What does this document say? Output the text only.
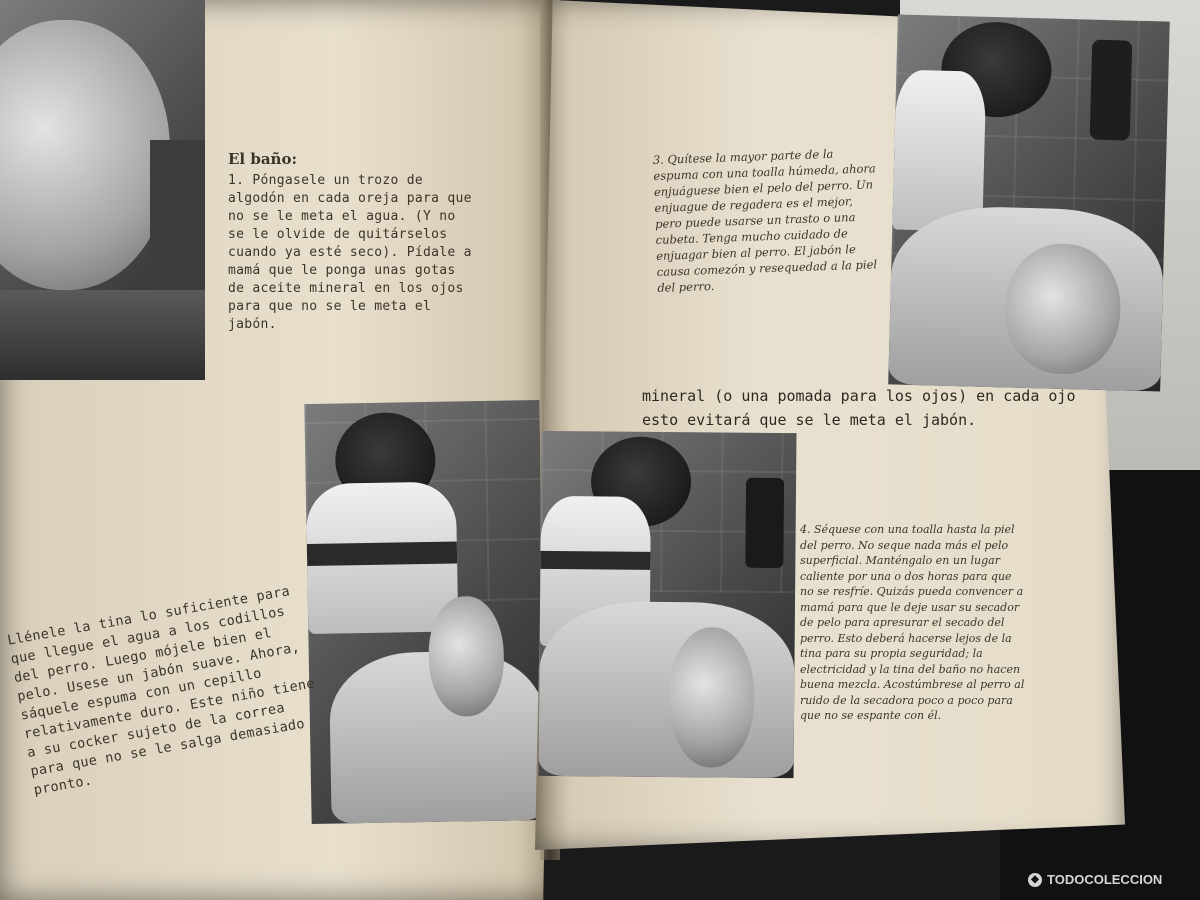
El baño:
1. Póngasele un trozo de algodón en cada oreja para que no se le meta el agua. (Y no se le olvide de quitárselos cuando ya esté seco). Pídale a mamá que le ponga unas gotas de aceite mineral en los ojos para que no se le meta el jabón.
Llénele la tina lo suficiente para que llegue el agua a los codillos del perro. Luego mójele bien el pelo. Usese un jabón suave. Ahora, sáquele espuma con un cepillo relativamente duro. Este niño tiene a su cocker sujeto de la correa para que no se le salga demasiado pronto.
3. Quítese la mayor parte de la espuma con una toalla húmeda, ahora enjuáguese bien el pelo del perro. Un enjuague de regadera es el mejor, pero puede usarse un trasto o una cubeta. Tenga mucho cuidado de enjuagar bien al perro. El jabón le causa comezón y resequedad a la piel del perro.
mineral (o una pomada para los ojos) en cada ojo
esto evitará que se le meta el jabón.
4. Séquese con una toalla hasta la piel del perro. No seque nada más el pelo superficial. Manténgalo en un lugar caliente por una o dos horas para que no se resfríe. Quizás pueda convencer a mamá para que le deje usar su secador de pelo para apresurar el secado del perro. Esto deberá hacerse lejos de la tina para su propia seguridad; la electricidad y la tina del baño no hacen buena mezcla. Acostúmbrese al perro al ruido de la secadora poco a poco para que no se espante con él.
◆ TODOCOLECCION
